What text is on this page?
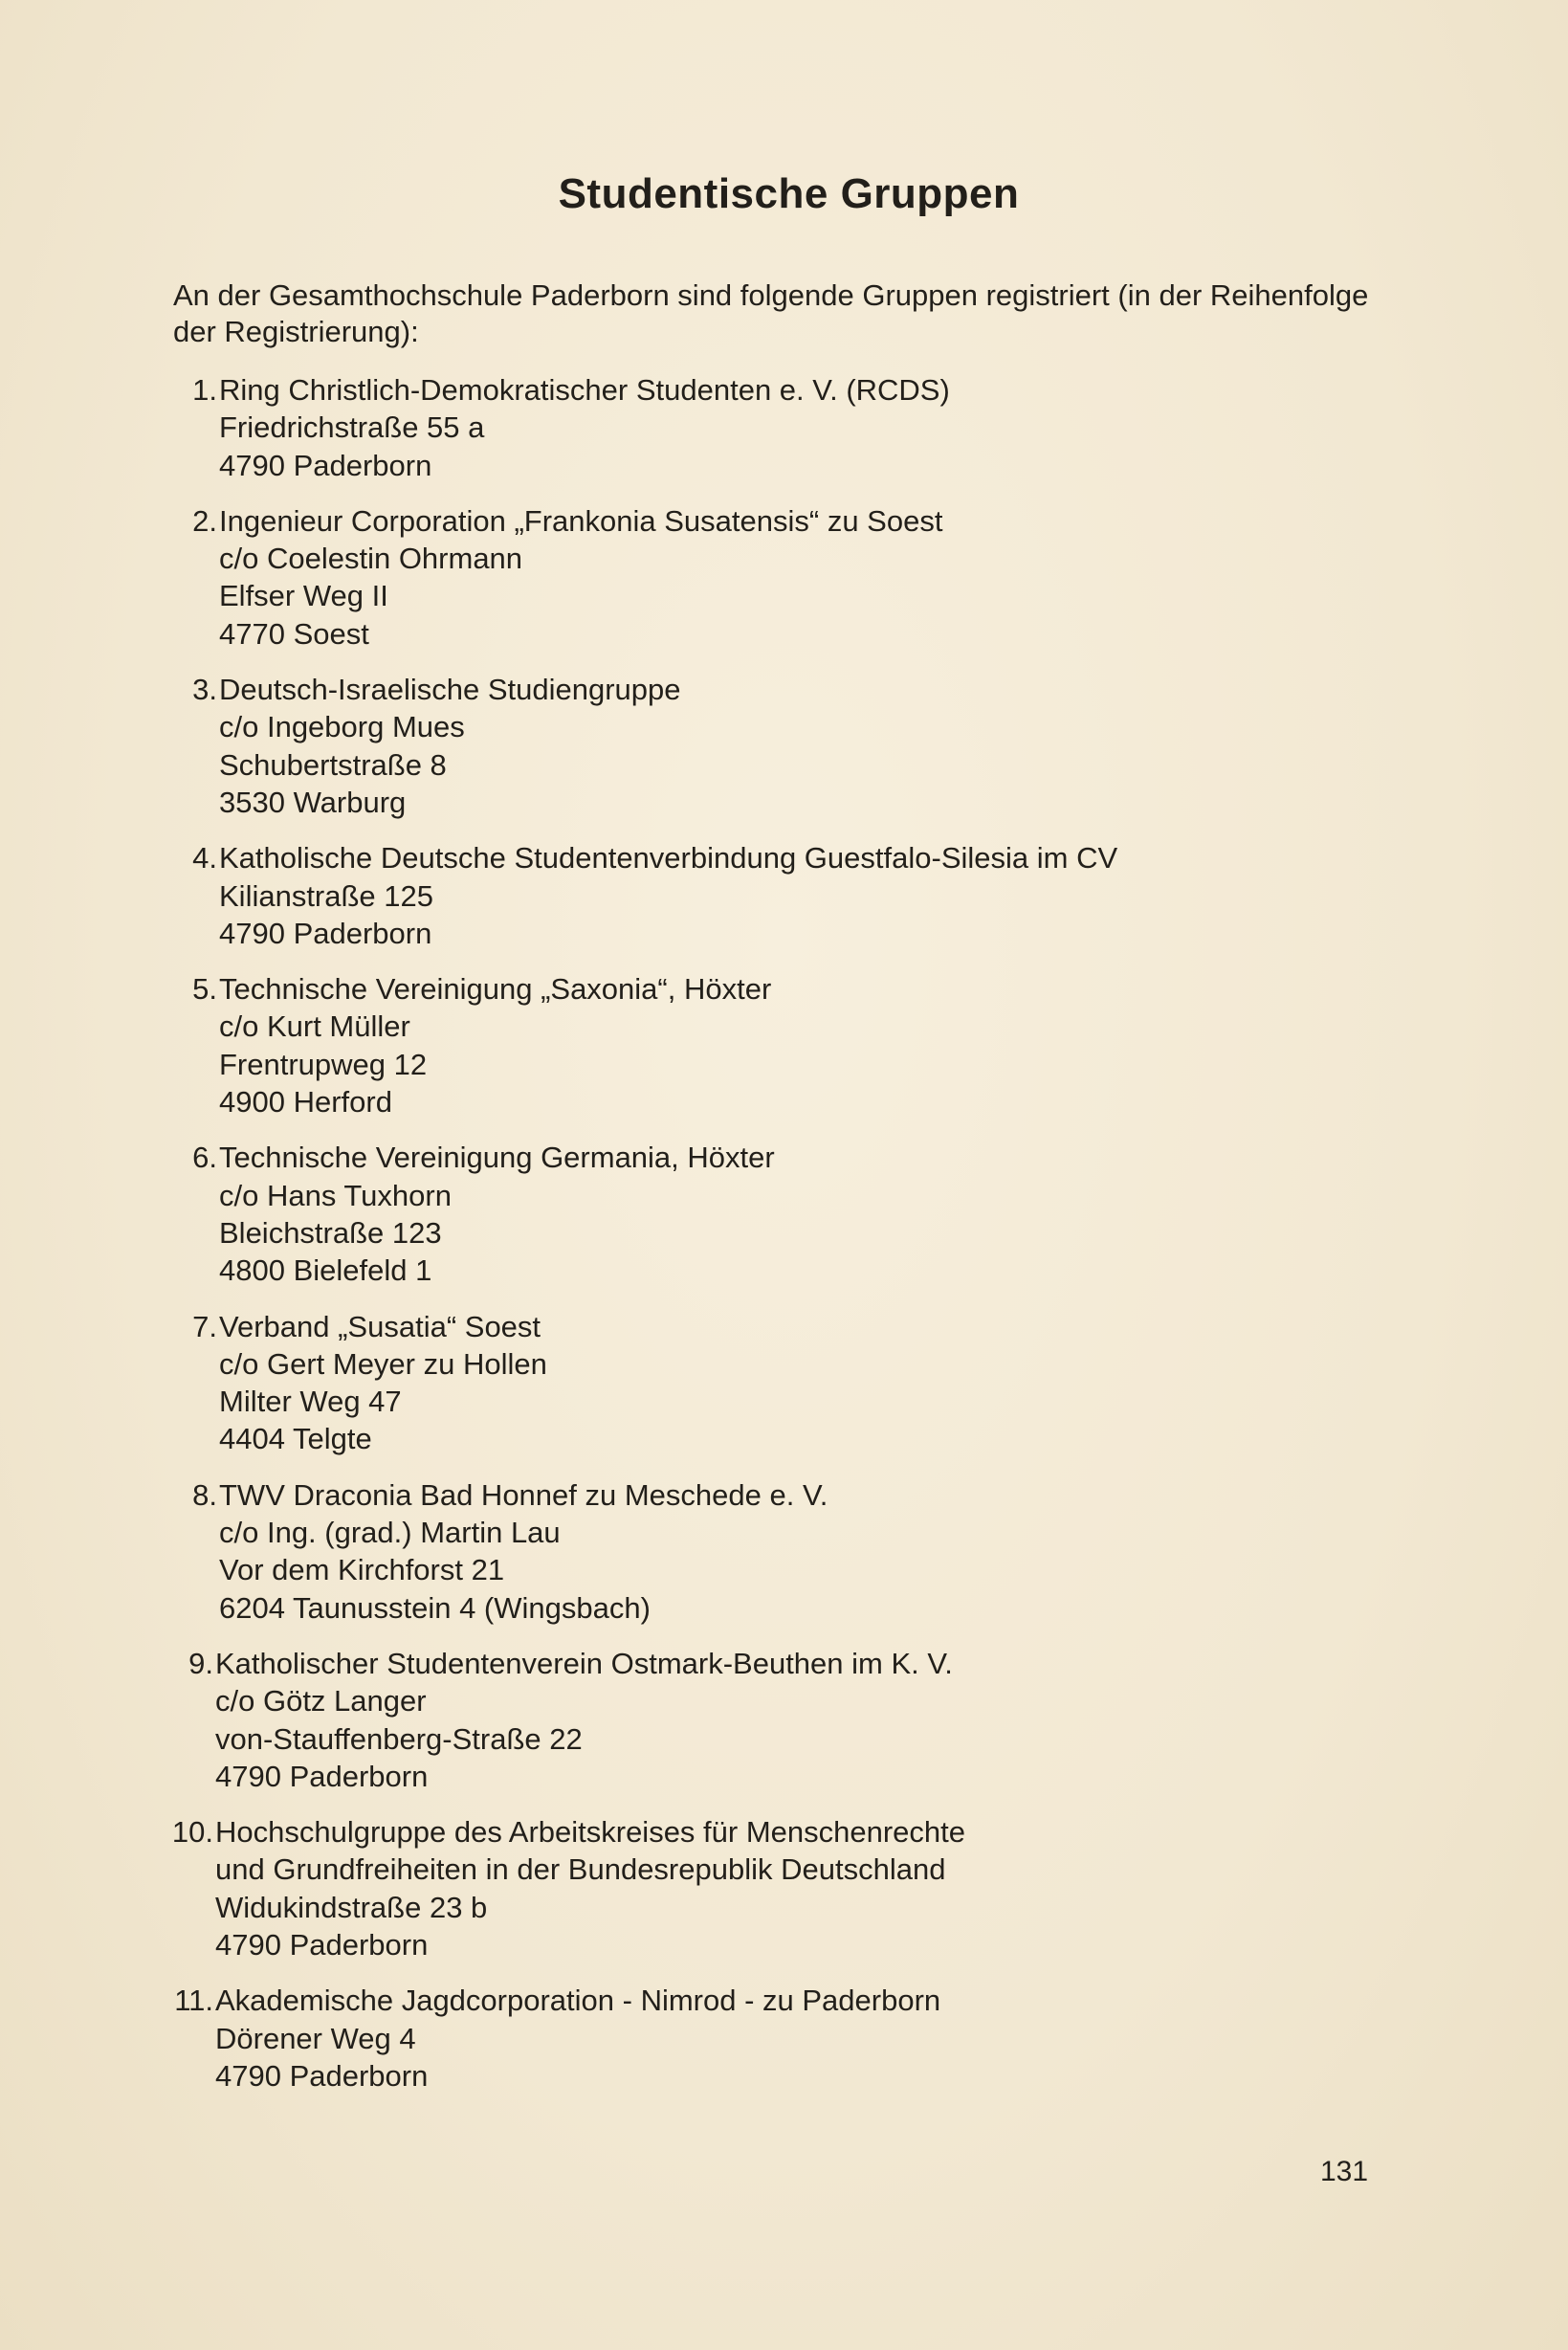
Studentische Gruppen

An der Gesamthochschule Paderborn sind folgende Gruppen registriert (in der Reihenfolge der Registrierung):

1. Ring Christlich-Demokratischer Studenten e. V. (RCDS)
Friedrichstraße 55 a
4790 Paderborn
2. Ingenieur Corporation „Frankonia Susatensis“ zu Soest
c/o Coelestin Ohrmann
Elfser Weg II
4770 Soest
3. Deutsch-Israelische Studiengruppe
c/o Ingeborg Mues
Schubertstraße 8
3530 Warburg
4. Katholische Deutsche Studentenverbindung Guestfalo-Silesia im CV
Kilianstraße 125
4790 Paderborn
5. Technische Vereinigung „Saxonia“, Höxter
c/o Kurt Müller
Frentrupweg 12
4900 Herford
6. Technische Vereinigung Germania, Höxter
c/o Hans Tuxhorn
Bleichstraße 123
4800 Bielefeld 1
7. Verband „Susatia“ Soest
c/o Gert Meyer zu Hollen
Milter Weg 47
4404 Telgte
8. TWV Draconia Bad Honnef zu Meschede e. V.
c/o Ing. (grad.) Martin Lau
Vor dem Kirchforst 21
6204 Taunusstein 4 (Wingsbach)
9. Katholischer Studentenverein Ostmark-Beuthen im K. V.
c/o Götz Langer
von-Stauffenberg-Straße 22
4790 Paderborn
10. Hochschulgruppe des Arbeitskreises für Menschenrechte
und Grundfreiheiten in der Bundesrepublik Deutschland
Widukindstraße 23 b
4790 Paderborn
11. Akademische Jagdcorporation - Nimrod - zu Paderborn
Dörener Weg 4
4790 Paderborn

131
